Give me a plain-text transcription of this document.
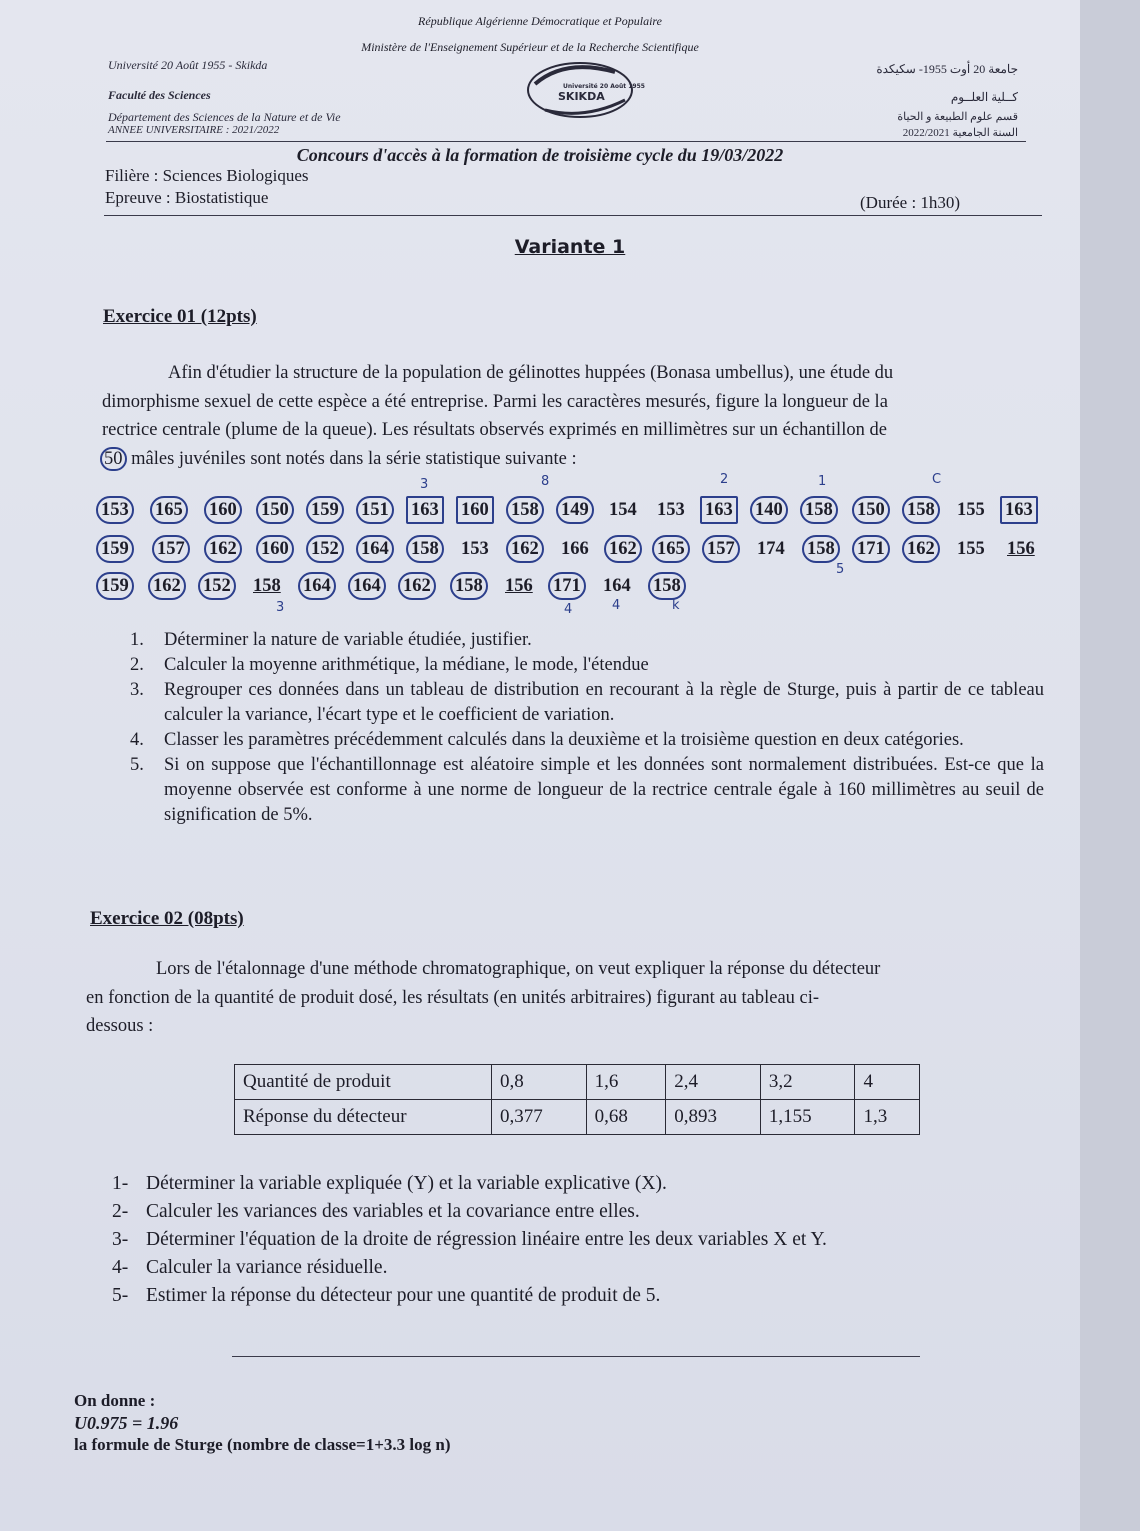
République Algérienne Démocratique et Populaire
Ministère de l'Enseignement Supérieur et de la Recherche Scientifique
Université 20 Août 1955 - Skikda
Faculté des Sciences
Département des Sciences de la Nature et de Vie
ANNEE UNIVERSITAIRE : 2021/2022
جامعة 20 أوت 1955- سكيكدة
كــلية العلــوم
قسم علوم الطبيعة و الحياة
السنة الجامعية 2022/2021
Université 20 Août 1955
SKIKDA
Concours d'accès à la formation de troisième cycle du 19/03/2022
Filière : Sciences Biologiques
Epreuve : Biostatistique	(Durée : 1h30)
Variante 1
Exercice 01 (12pts)
Afin d'étudier la structure de la population de gélinottes huppées (Bonasa umbellus), une étude du
dimorphisme sexuel de cette espèce a été entreprise. Parmi les caractères mesurés, figure la longueur de la
rectrice centrale (plume de la queue). Les résultats observés exprimés en millimètres sur un échantillon de
50 mâles juvéniles sont notés dans la série statistique suivante :
3	8	2	1	C
153 165 160 150 159 151 163 160 158 149 154 153 163 140 158 150 158 155 163
159 157 162 160 152 164 158 153 162 166 162 165 157 174 158 171 162 155 156
159 162 152 158 164 164 162 158 156 171 164 158
3	4	4	k
5
1. Déterminer la nature de variable étudiée, justifier.
2. Calculer la moyenne arithmétique, la médiane, le mode, l'étendue
3. Regrouper ces données dans un tableau de distribution en recourant à la règle de Sturge, puis à partir de ce tableau calculer la variance, l'écart type et le coefficient de variation.
4. Classer les paramètres précédemment calculés dans la deuxième et la troisième question en deux catégories.
5. Si on suppose que l'échantillonnage est aléatoire simple et les données sont normalement distribuées. Est-ce que la moyenne observée est conforme à une norme de longueur de la rectrice centrale égale à 160 millimètres au seuil de signification de 5%.
Exercice 02 (08pts)
Lors de l'étalonnage d'une méthode chromatographique, on veut expliquer la réponse du détecteur
en fonction de la quantité de produit dosé, les résultats (en unités arbitraires) figurant au tableau ci-
dessous :
Quantité de produit	0,8	1,6	2,4	3,2	4
Réponse du détecteur	0,377	0,68	0,893	1,155	1,3
1- Déterminer la variable expliquée (Y) et la variable explicative (X).
2- Calculer les variances des variables et la covariance entre elles.
3- Déterminer l'équation de la droite de régression linéaire entre les deux variables X et Y.
4- Calculer la variance résiduelle.
5- Estimer la réponse du détecteur pour une quantité de produit de 5.
On donne :
U0.975 = 1.96
la formule de Sturge (nombre de classe=1+3.3 log n)
